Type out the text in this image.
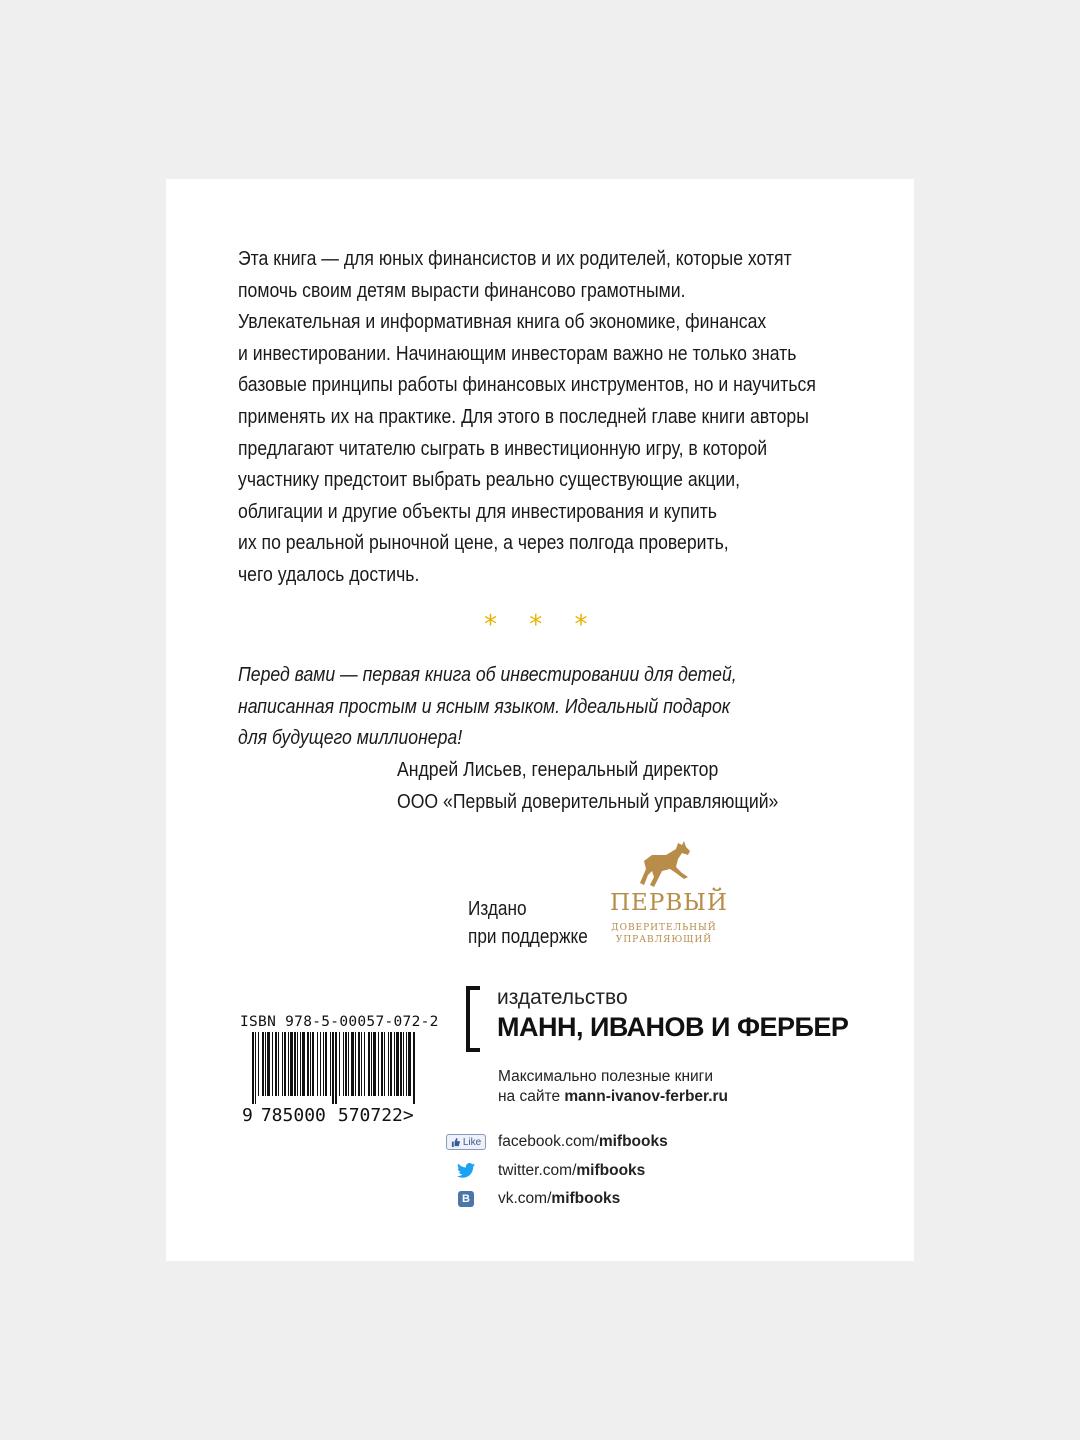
Эта книга — для юных финансистов и их родителей, которые хотят
помочь своим детям вырасти финансово грамотными.
Увлекательная и информативная книга об экономике, финансах
и инвестировании. Начинающим инвесторам важно не только знать
базовые принципы работы финансовых инструментов, но и научиться
применять их на практике. Для этого в последней главе книги авторы
предлагают читателю сыграть в инвестиционную игру, в которой
участнику предстоит выбрать реально существующие акции,
облигации и другие объекты для инвестирования и купить
их по реальной рыночной цене, а через полгода проверить,
чего удалось достичь.
* * *
Перед вами — первая книга об инвестировании для детей,
написанная простым и ясным языком. Идеальный подарок
для будущего миллионера!
Андрей Лисьев, генеральный директор
ООО «Первый доверительный управляющий»
Издано
при поддержке
ПЕРВЫЙ
ДОВЕРИТЕЛЬНЫЙ
УПРАВЛЯЮЩИЙ
ISBN 978-5-00057-072-2
9 785000 570722>
издательство
МАНН, ИВАНОВ И ФЕРБЕР
Максимально полезные книги
на сайте mann-ivanov-ferber.ru
Like facebook.com/ mifbooks
twitter.com/ mifbooks
В vk.com/ mifbooks
